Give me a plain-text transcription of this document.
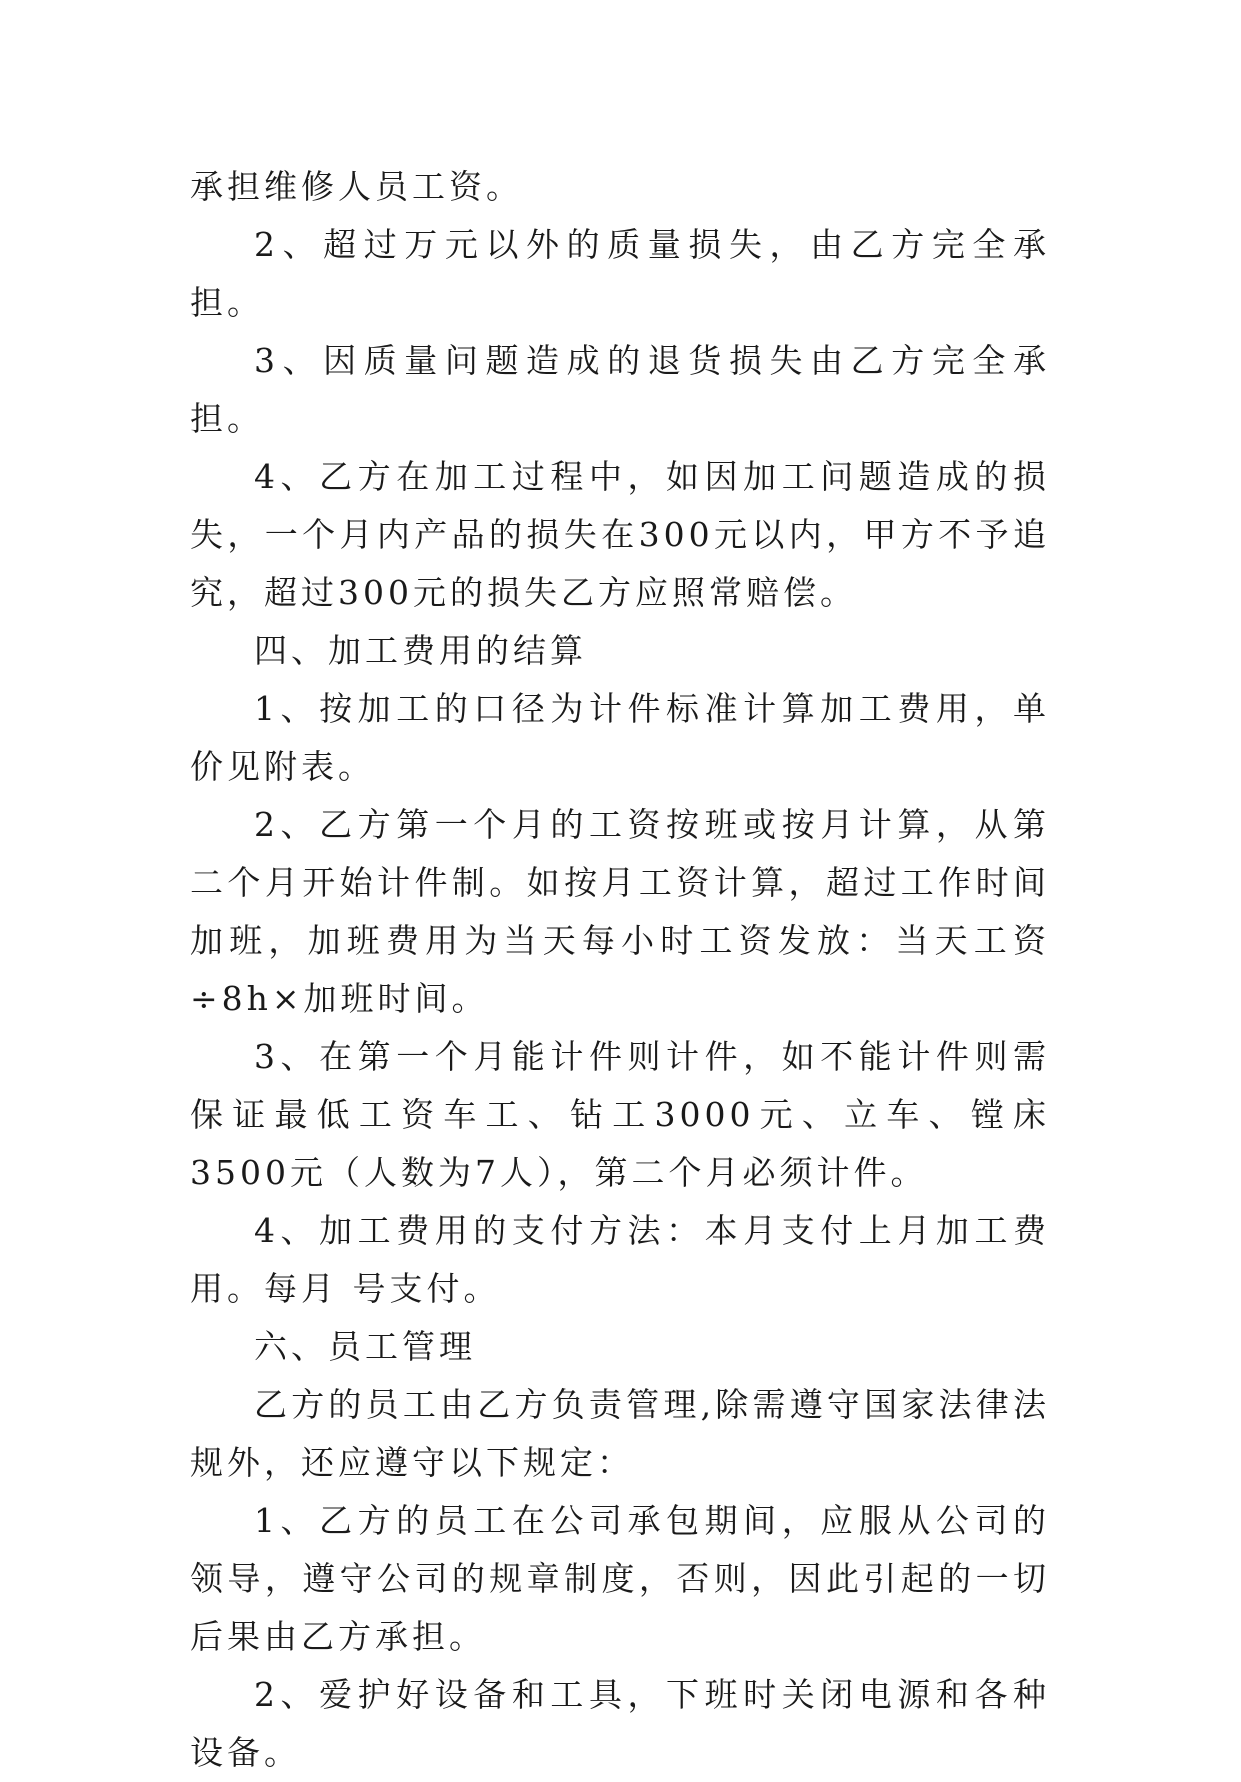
承担维修人员工资。

2、超过万元以外的质量损失，由乙方完全承担。

3、因质量问题造成的退货损失由乙方完全承担。

4、乙方在加工过程中，如因加工问题造成的损失，一个月内产品的损失在300元以内，甲方不予追究，超过300元的损失乙方应照常赔偿。

四、加工费用的结算

1、按加工的口径为计件标准计算加工费用，单价见附表。

2、乙方第一个月的工资按班或按月计算，从第二个月开始计件制。如按月工资计算，超过工作时间加班，加班费用为当天每小时工资发放：当天工资÷8h×加班时间。

3、在第一个月能计件则计件，如不能计件则需保证最低工资车工、钻工3000元、立车、镗床3500元（人数为7人），第二个月必须计件。

4、加工费用的支付方法：本月支付上月加工费用。每月 号支付。

六、员工管理

乙方的员工由乙方负责管理,除需遵守国家法律法规外，还应遵守以下规定：

1、乙方的员工在公司承包期间，应服从公司的领导，遵守公司的规章制度，否则，因此引起的一切后果由乙方承担。

2、爱护好设备和工具，下班时关闭电源和各种设备。
